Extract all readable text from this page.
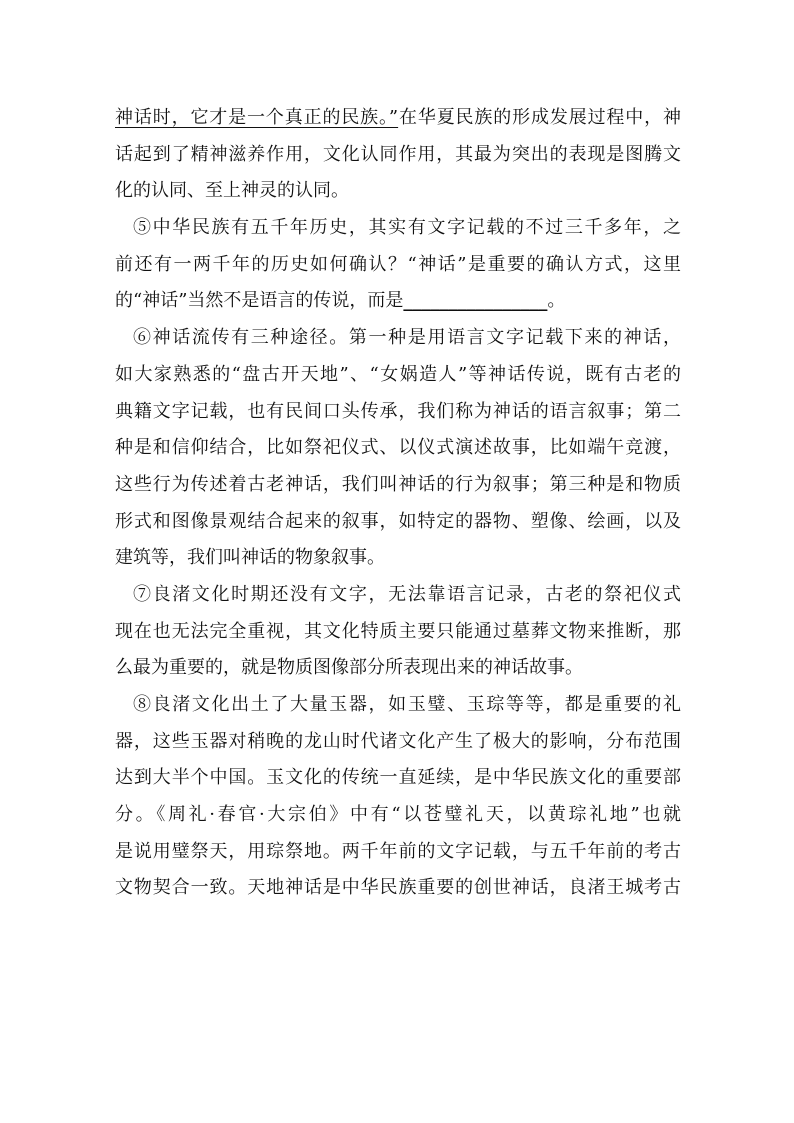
神话时，它才是一个真正的民族。”在华夏民族的形成发展过程中，神
话起到了精神滋养作用，文化认同作用，其最为突出的表现是图腾文
化的认同、至上神灵的认同。
⑤中华民族有五千年历史，其实有文字记载的不过三千多年，之
前还有一两千年的历史如何确认？“神话”是重要的确认方式，这里
的“神话”当然不是语言的传说，而是________________。
⑥神话流传有三种途径。第一种是用语言文字记载下来的神话，
如大家熟悉的“盘古开天地”、“女娲造人”等神话传说，既有古老的
典籍文字记载，也有民间口头传承，我们称为神话的语言叙事；第二
种是和信仰结合，比如祭祀仪式、以仪式演述故事，比如端午竞渡，
这些行为传述着古老神话，我们叫神话的行为叙事；第三种是和物质
形式和图像景观结合起来的叙事，如特定的器物、塑像、绘画，以及
建筑等，我们叫神话的物象叙事。
⑦良渚文化时期还没有文字，无法靠语言记录，古老的祭祀仪式
现在也无法完全重视，其文化特质主要只能通过墓葬文物来推断，那
么最为重要的，就是物质图像部分所表现出来的神话故事。
⑧良渚文化出土了大量玉器，如玉璧、玉琮等等，都是重要的礼
器，这些玉器对稍晚的龙山时代诸文化产生了极大的影响，分布范围
达到大半个中国。玉文化的传统一直延续，是中华民族文化的重要部
分。《周礼·春官·大宗伯》中有“以苍璧礼天，以黄琮礼地”也就
是说用璧祭天，用琮祭地。两千年前的文字记载，与五千年前的考古
文物契合一致。天地神话是中华民族重要的创世神话，良渚王城考古
